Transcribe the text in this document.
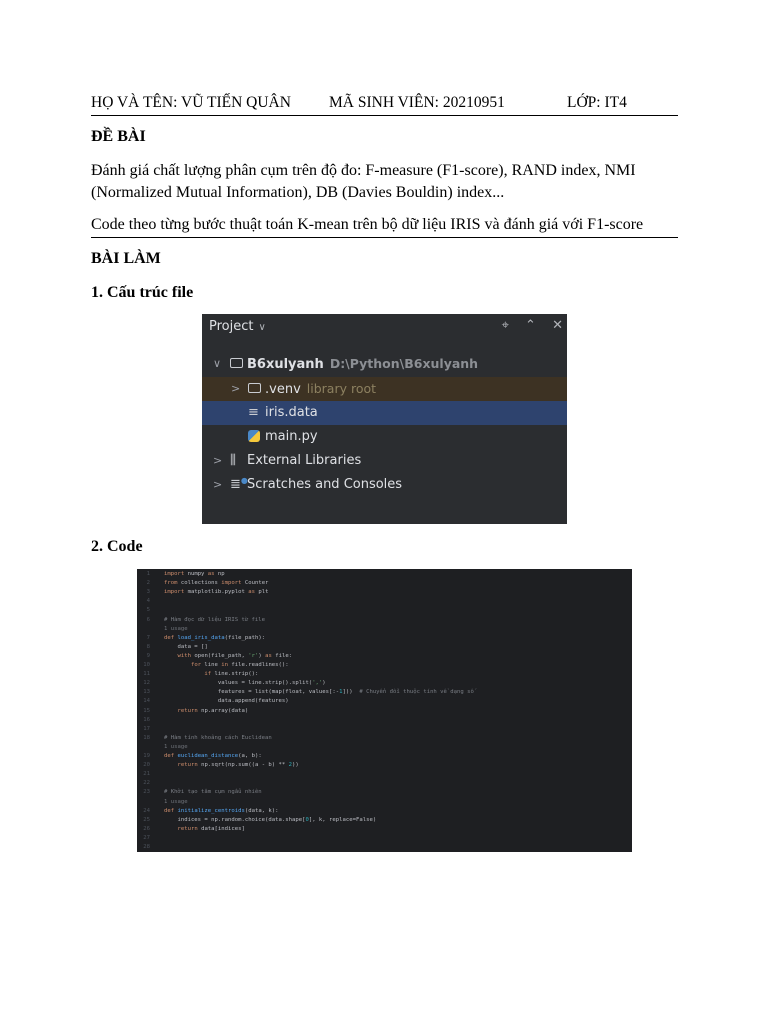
HỌ VÀ TÊN: VŨ TIẾN QUÂN MÃ SINH VIÊN: 20210951	LỚP: IT4
ĐỀ BÀI
Đánh giá chất lượng phân cụm trên độ đo: F-measure (F1-score), RAND index, NMI
(Normalized Mutual Information), DB (Davies Bouldin) index...
Code theo từng bước thuật toán K-mean trên bộ dữ liệu IRIS và đánh giá với F1-score
BÀI LÀM
1. Cấu trúc file
Project ∨	⌖ ⌃ ✕
∨ B6xulyanh D:\Python\B6xulyanh
> .venv library root
≡ iris.data
main.py
> ⫼ External Libraries
> ≣● Scratches and Consoles
2. Code
1	import numpy as np
2	from collections import Counter
3	import matplotlib.pyplot as plt
4
5
6	# Hàm đọc dữ liệu IRIS từ file
1 usage
7	def load_iris_data(file_path):
8	data = []
9	with open(file_path, 'r') as file:
10	for line in file.readlines():
11	if line.strip():
12	values = line.strip().split(',')
13	features = list(map(float, values[:-1]))  # Chuyển đổi thuộc tính về dạng số
14	data.append(features)
15	return np.array(data)
16
17
18	# Hàm tính khoảng cách Euclidean
1 usage
19	def euclidean_distance(a, b):
20	return np.sqrt(np.sum((a - b) ** 2))
21
22
23	# Khởi tạo tâm cụm ngẫu nhiên
1 usage
24	def initialize_centroids(data, k):
25	indices = np.random.choice(data.shape[0], k, replace=False)
26	return data[indices]
27
28
